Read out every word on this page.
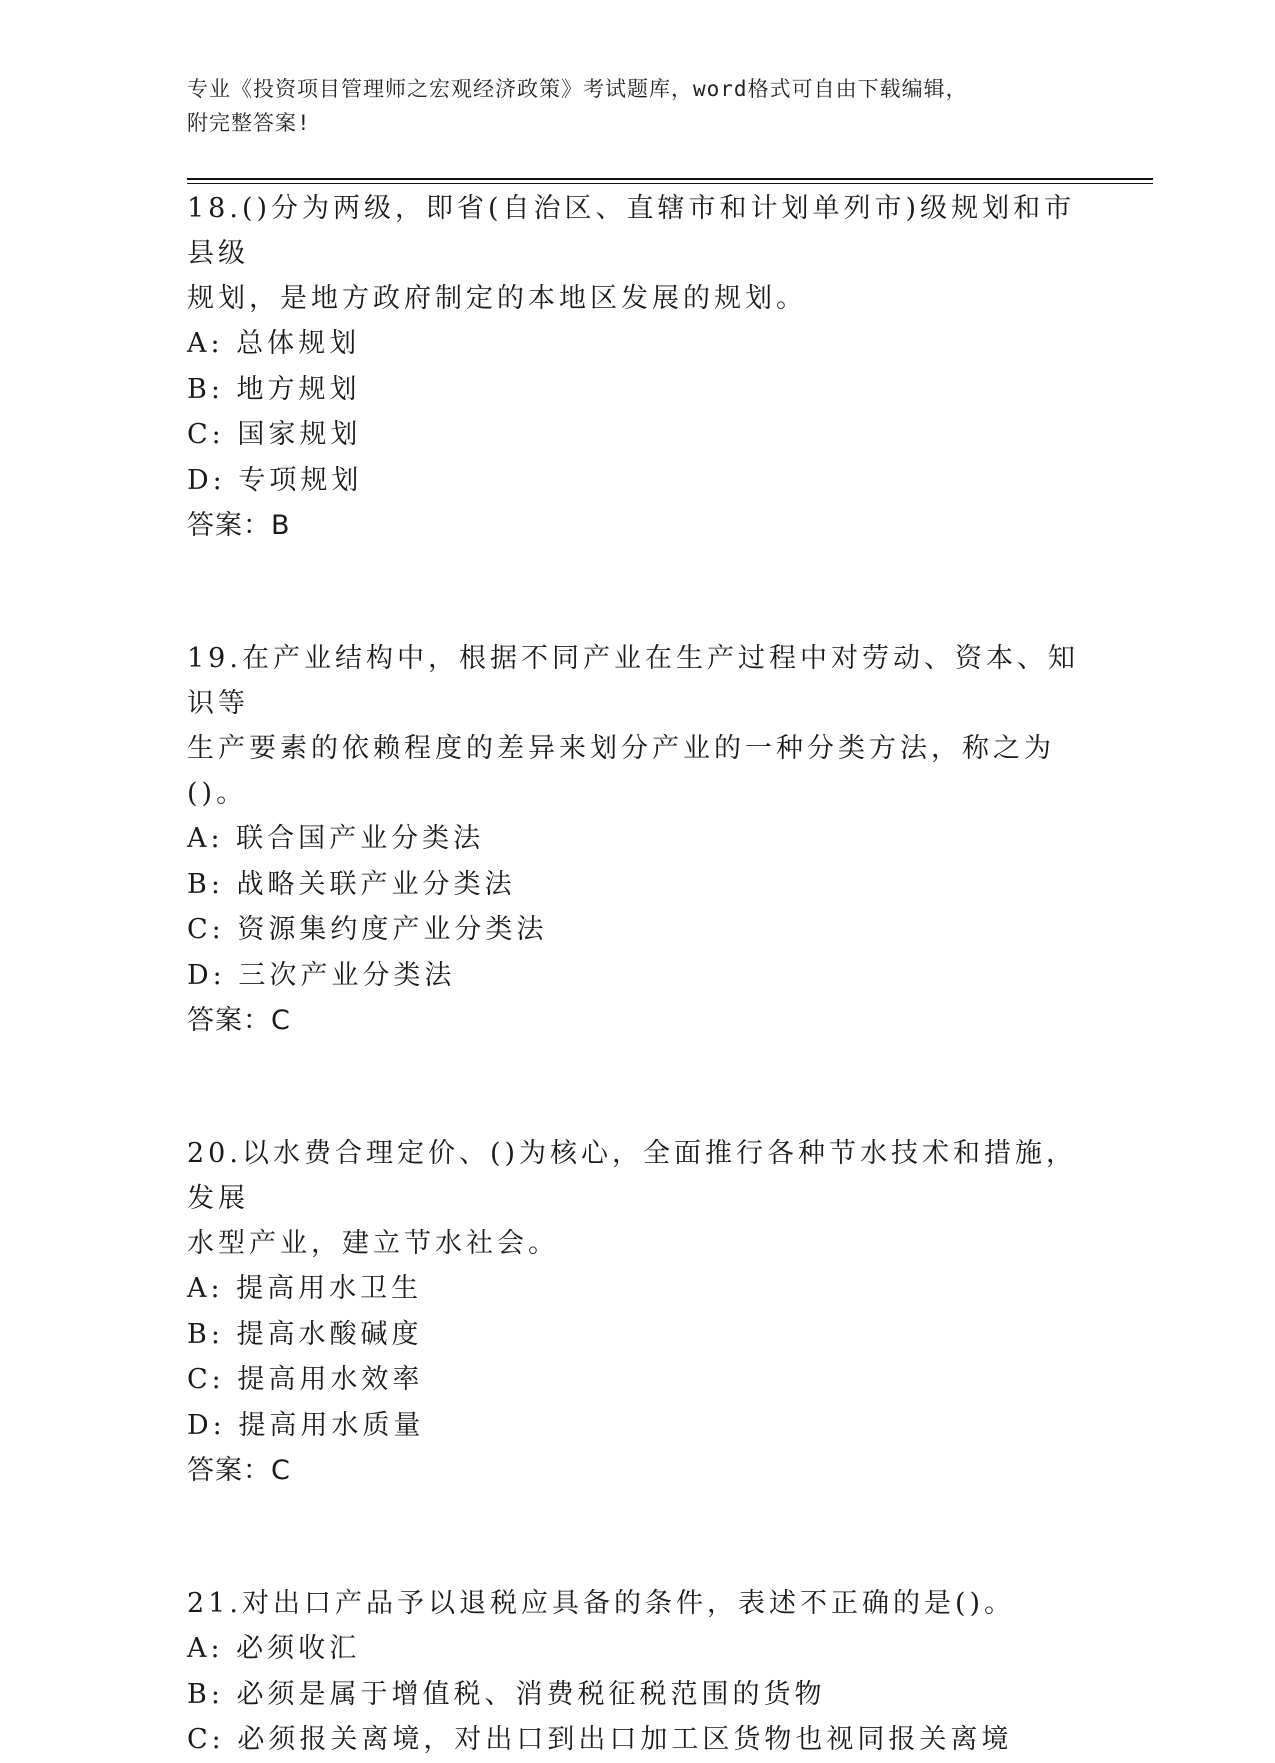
专业《投资项目管理师之宏观经济政策》考试题库，word格式可自由下载编辑，
附完整答案!

18.()分为两级，即省(自治区、直辖市和计划单列市)级规划和市县级

规划，是地方政府制定的本地区发展的规划。

A: 总体规划

B: 地方规划

C: 国家规划

D: 专项规划

答案：B

19.在产业结构中，根据不同产业在生产过程中对劳动、资本、知识等

生产要素的依赖程度的差异来划分产业的一种分类方法，称之为()。

A: 联合国产业分类法

B: 战略关联产业分类法

C: 资源集约度产业分类法

D: 三次产业分类法

答案：C

20.以水费合理定价、()为核心，全面推行各种节水技术和措施，发展

水型产业，建立节水社会。

A: 提高用水卫生

B: 提高水酸碱度

C: 提高用水效率

D: 提高用水质量

答案：C

21.对出口产品予以退税应具备的条件，表述不正确的是()。

A: 必须收汇

B: 必须是属于增值税、消费税征税范围的货物

C: 必须报关离境，对出口到出口加工区货物也视同报关离境
